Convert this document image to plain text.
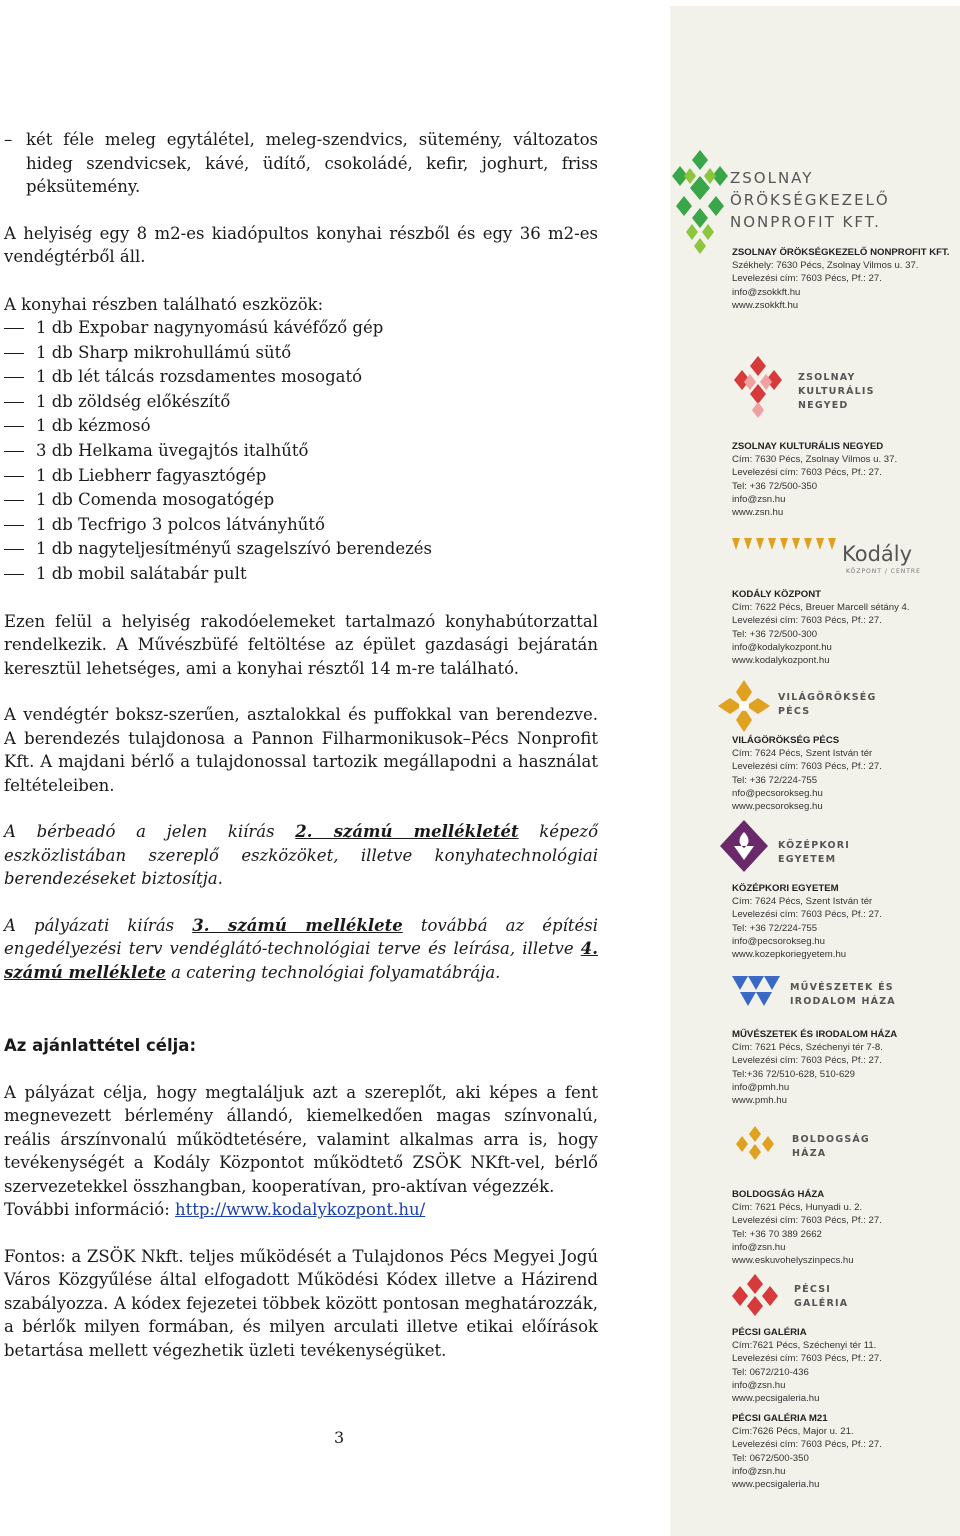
– két féle meleg egytálétel, meleg-szendvics, sütemény, változatos hideg szendvicsek, kávé, üdítő, csokoládé, kefir, joghurt, friss péksütemény.

A helyiség egy 8 m2-es kiadópultos konyhai részből és egy 36 m2-es vendégtérből áll.

A konyhai részben található eszközök:

1 db Expobar nagynyomású kávéfőző gép
1 db Sharp mikrohullámú sütő
1 db lét tálcás rozsdamentes mosogató
1 db zöldség előkészítő
1 db kézmosó
3 db Helkama üvegajtós italhűtő
1 db Liebherr fagyasztógép
1 db Comenda mosogatógép
1 db Tecfrigo 3 polcos látványhűtő
1 db nagyteljesítményű szagelszívó berendezés
1 db mobil salátabár pult

Ezen felül a helyiség rakodóelemeket tartalmazó konyhabútorzattal rendelkezik. A Művészbüfé feltöltése az épület gazdasági bejáratán keresztül lehetséges, ami a konyhai résztől 14 m-re található.

A vendégtér boksz-szerűen, asztalokkal és puffokkal van berendezve. A berendezés tulajdonosa a Pannon Filharmonikusok–Pécs Nonprofit Kft. A majdani bérlő a tulajdonossal tartozik megállapodni a használat feltételeiben.

A bérbeadó a jelen kiírás 2. számú mellékletét képező eszközlistában szereplő eszközöket, illetve konyhatechnológiai berendezéseket biztosítja.

A pályázati kiírás 3. számú melléklete továbbá az építési engedélyezési terv vendéglátó-technológiai terve és leírása, illetve 4. számú melléklete a catering technológiai folyamatábrája.

Az ajánlattétel célja:

A pályázat célja, hogy megtaláljuk azt a szereplőt, aki képes a fent megnevezett bérlemény állandó, kiemelkedően magas színvonalú, reális árszínvonalú működtetésére, valamint alkalmas arra is, hogy tevékenységét a Kodály Központot működtető ZSÖK NKft-vel, bérlő szervezetekkel összhangban, kooperatívan, pro-aktívan végezzék.
További információ: http://www.kodalykozpont.hu/

Fontos: a ZSÖK Nkft. teljes működését a Tulajdonos Pécs Megyei Jogú Város Közgyűlése által elfogadott Működési Kódex illetve a Házirend szabályozza. A kódex fejezetei többek között pontosan meghatározzák, a bérlők milyen formában, és milyen arculati illetve etikai előírások betartása mellett végezhetik üzleti tevékenységüket.

3
ZSOLNAY
ÖRÖKSÉGKEZELŐ
NONPROFIT KFT.
ZSOLNAY ÖRÖKSÉGKEZELŐ NONPROFIT KFT.
Székhely: 7630 Pécs, Zsolnay Vilmos u. 37.
Levelezési cím: 7603 Pécs, Pf.: 27.
info@zsokkft.hu
www.zsokkft.hu
ZSOLNAY
KULTURÁLIS
NEGYED
ZSOLNAY KULTURÁLIS NEGYED
Cím: 7630 Pécs, Zsolnay Vilmos u. 37.
Levelezési cím: 7603 Pécs, Pf.: 27.
Tel: +36 72/500-350
info@zsn.hu
www.zsn.hu
Kodály
KÖZPONT / CENTRE
KODÁLY KÖZPONT
Cím: 7622 Pécs, Breuer Marcell sétány 4.
Levelezési cím: 7603 Pécs, Pf.: 27.
Tel: +36 72/500-300
info@kodalykozpont.hu
www.kodalykozpont.hu
VILÁGÖRÖKSÉG
PÉCS
VILÁGÖRÖKSÉG PÉCS
Cím: 7624 Pécs, Szent István tér
Levelezési cím: 7603 Pécs, Pf.: 27.
Tel: +36 72/224-755
nfo@pecsorokseg.hu
www.pecsorokseg.hu
KÖZÉPKORI
EGYETEM
KÖZÉPKORI EGYETEM
Cím: 7624 Pécs, Szent István tér
Levelezési cím: 7603 Pécs, Pf.: 27.
Tel: +36 72/224-755
info@pecsorokseg.hu
www.kozepkoriegyetem.hu
MŰVÉSZETEK ÉS
IRODALOM HÁZA
MŰVÉSZETEK ÉS IRODALOM HÁZA
Cím: 7621 Pécs, Széchenyi tér 7-8.
Levelezési cím: 7603 Pécs, Pf.: 27.
Tel:+36 72/510-628, 510-629
info@pmh.hu
www.pmh.hu
BOLDOGSÁG
HÁZA
BOLDOGSÁG HÁZA
Cím: 7621 Pécs, Hunyadi u. 2.
Levelezési cím: 7603 Pécs, Pf.: 27.
Tel: +36 70 389 2662
info@zsn.hu
www.eskuvohelyszinpecs.hu
PÉCSI
GALÉRIA
PÉCSI GALÉRIA
Cím:7621 Pécs, Széchenyi tér 11.
Levelezési cím: 7603 Pécs, Pf.: 27.
Tel: 0672/210-436
info@zsn.hu
www.pecsigaleria.hu
PÉCSI GALÉRIA M21
Cím:7626 Pécs, Major u. 21.
Levelezési cím: 7603 Pécs, Pf.: 27.
Tel: 0672/500-350
info@zsn.hu
www.pecsigaleria.hu
